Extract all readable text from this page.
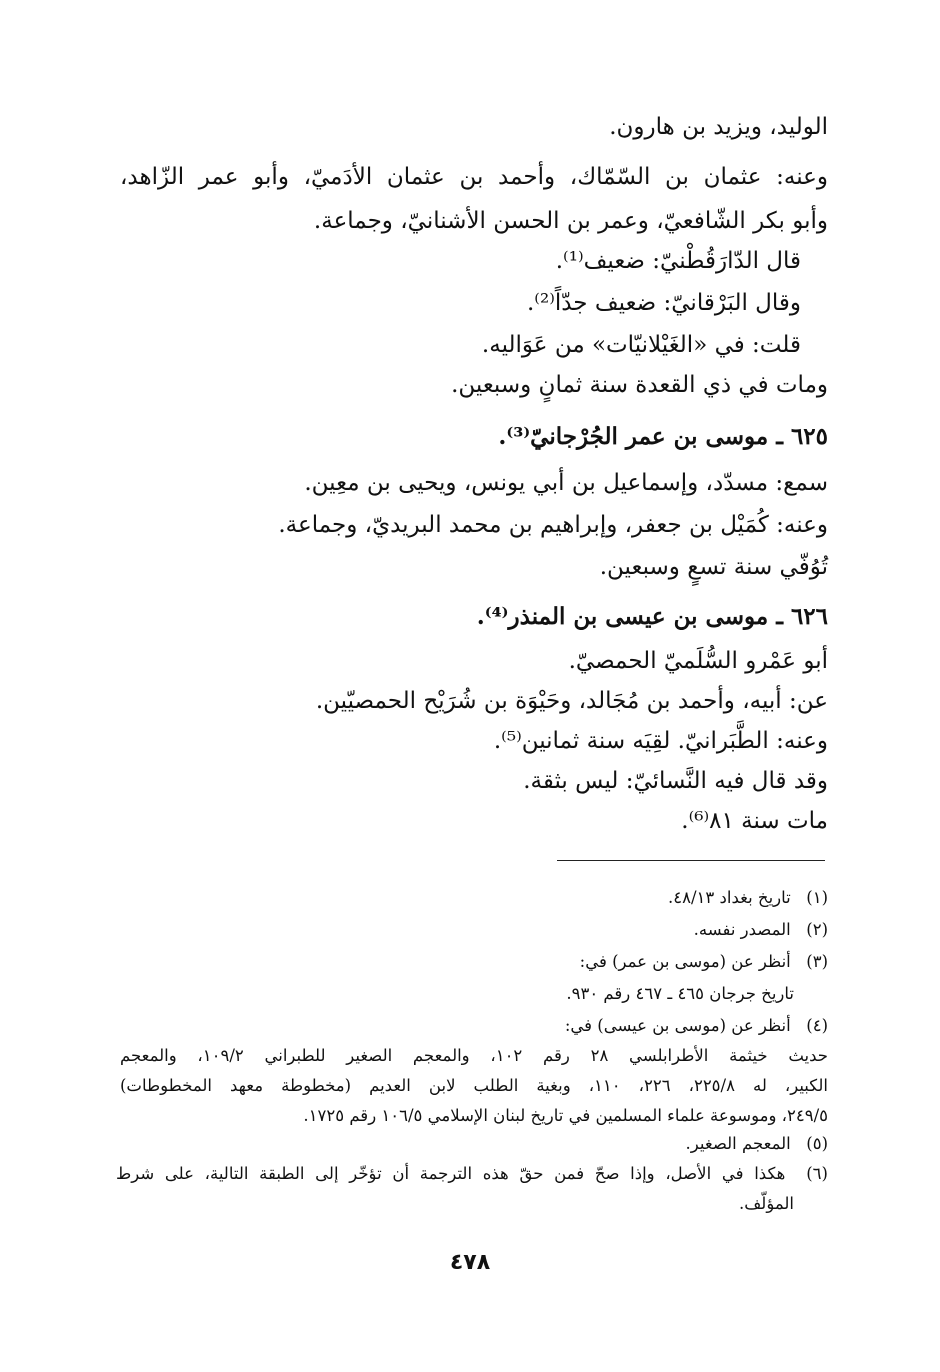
الوليد، ويزيد بن هارون.
وعنه: عثمان بن السّمّاك، وأحمد بن عثمان الأدَميّ، وأبو عمر الزّاهد،
وأبو بكر الشّافعيّ، وعمر بن الحسن الأشنانيّ، وجماعة.
قال الدّارَقُطْنيّ: ضعيف⁽¹⁾.
وقال البَرْقانيّ: ضعيف جدّاً⁽²⁾.
قلت: في «الغَيْلانيّات» من عَوَاليه.
ومات في ذي القعدة سنة ثمانٍ وسبعين.
٦٢٥ ـ موسى بن عمر الجُرْجانيّ⁽³⁾.
سمع: مسدّد، وإسماعيل بن أبي يونس، ويحيى بن معِين.
وعنه: كُمَيْل بن جعفر، وإبراهيم بن محمد البريديّ، وجماعة.
تُوُفّي سنة تسعٍ وسبعين.
٦٢٦ ـ موسى بن عيسى بن المنذر⁽⁴⁾.
أبو عَمْرو السُّلَميّ الحمصيّ.
عن: أبيه، وأحمد بن مُجَالد، وحَيْوَة بن شُرَيْح الحمصيّين.
وعنه: الطَّبَرانيّ. لقِيَه سنة ثمانين⁽⁵⁾.
وقد قال فيه النَّسائيّ: ليس بثقة.
مات سنة ٨١⁽⁶⁾.
(١) تاريخ بغداد ٤٨/١٣.
(٢) المصدر نفسه.
(٣) أنظر عن (موسى بن عمر) في:
تاريخ جرجان ٤٦٥ ـ ٤٦٧ رقم ٩٣٠.
(٤) أنظر عن (موسى بن عيسى) في:
حديث خيثمة الأطرابلسي ٢٨ رقم ١٠٢، والمعجم الصغير للطبراني ١٠٩/٢، والمعجم
الكبير، له ٢٢٥/٨، ٢٢٦، ١١٠، وبغية الطلب لابن العديم (مخطوطة معهد المخطوطات)
٢٤٩/٥، وموسوعة علماء المسلمين في تاريخ لبنان الإسلامي ١٠٦/٥ رقم ١٧٢٥.
(٥) المعجم الصغير.
(٦) هكذا في الأصل، وإذا صحّ فمن حقّ هذه الترجمة أن تؤخّر إلى الطبقة التالية، على شرط
المؤلّف.
٤٧٨
